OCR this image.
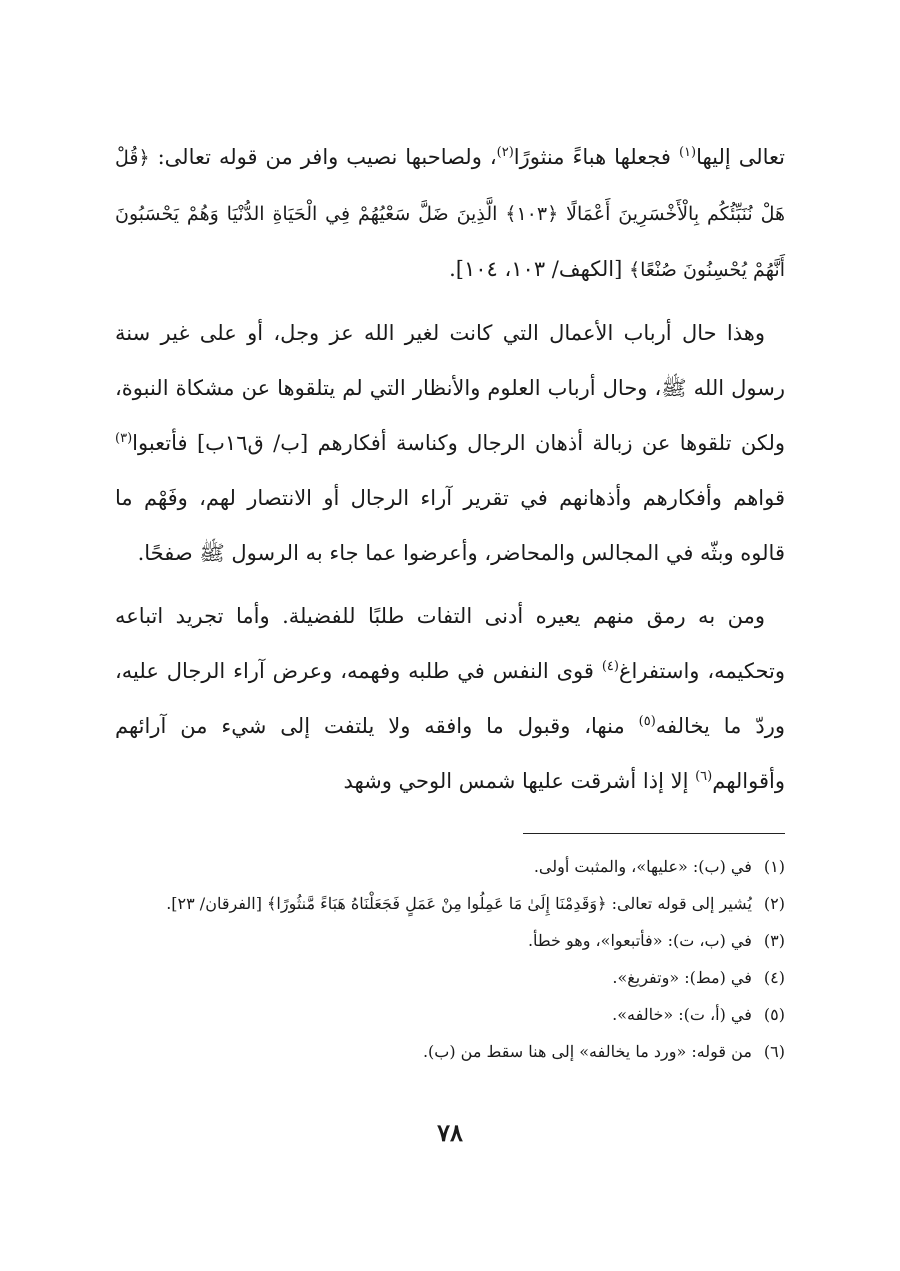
تعالى إليها$^{(١)}$ فجعلها هباءً منثورًا$^{(٢)}$، ولصاحبها نصيب وافر من قوله تعالى: ﴿قُلْ هَلْ نُنَبِّئُكُم بِالْأَخْسَرِينَ أَعْمَالًا ﴿١٠٣﴾ الَّذِينَ ضَلَّ سَعْيُهُمْ فِي الْحَيَاةِ الدُّنْيَا وَهُمْ يَحْسَبُونَ أَنَّهُمْ يُحْسِنُونَ صُنْعًا﴾ [الكهف/ ١٠٣، ١٠٤].

وهذا حال أرباب الأعمال التي كانت لغير الله عز وجل، أو على غير سنة رسول الله ﷺ، وحال أرباب العلوم والأنظار التي لم يتلقوها عن مشكاة النبوة، ولكن تلقوها عن زبالة أذهان الرجال وكناسة أفكارهم [ب/ ق١٦ب] فأتعبوا$^{(٣)}$ قواهم وأفكارهم وأذهانهم في تقرير آراء الرجال أو الانتصار لهم، وفَهْم ما قالوه وبثّه في المجالس والمحاضر، وأعرضوا عما جاء به الرسول ﷺ صفحًا.

ومن به رمق منهم يعيره أدنى التفات طلبًا للفضيلة. وأما تجريد اتباعه وتحكيمه، واستفراغ$^{(٤)}$ قوى النفس في طلبه وفهمه، وعرض آراء الرجال عليه، وردّ ما يخالفه$^{(٥)}$ منها، وقبول ما وافقه ولا يلتفت إلى شيء من آرائهم وأقوالهم$^{(٦)}$ إلا إذا أشرقت عليها شمس الوحي وشهد

(١)في (ب): «عليها»، والمثبت أولى.
(٢)يُشير إلى قوله تعالى: ﴿وَقَدِمْنَا إِلَىٰ مَا عَمِلُوا مِنْ عَمَلٍ فَجَعَلْنَاهُ هَبَاءً مَّنثُورًا﴾ [الفرقان/ ٢٣].
(٣)في (ب، ت): «فأتبعوا»، وهو خطأ.
(٤)في (مط): «وتفريغ».
(٥)في (أ، ت): «خالفه».
(٦)من قوله: «ورد ما يخالفه» إلى هنا سقط من (ب).
٧٨
